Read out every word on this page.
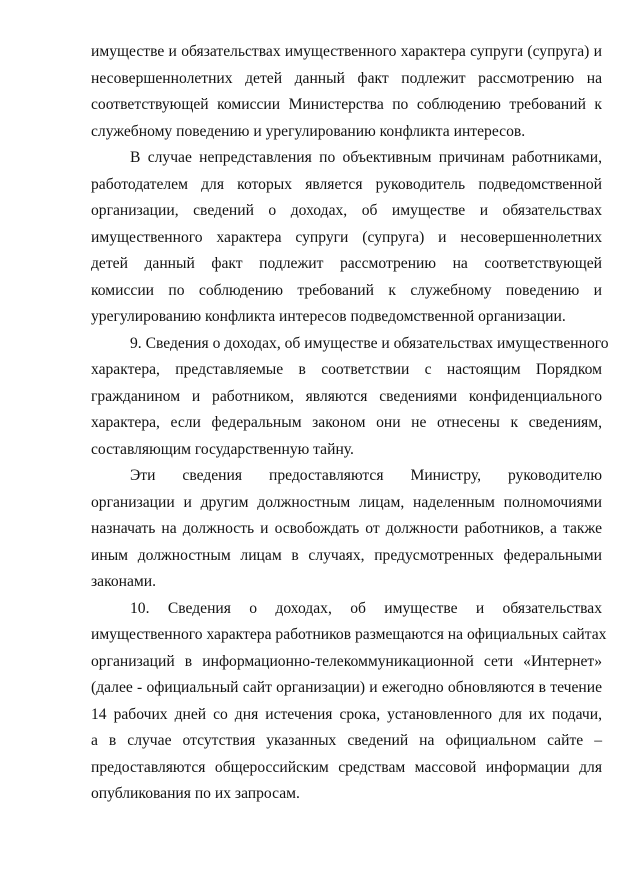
имуществе и обязательствах имущественного характера супруги (супруга) и
несовершеннолетних детей данный факт подлежит рассмотрению на
соответствующей комиссии Министерства по соблюдению требований к
служебному поведению и урегулированию конфликта интересов.
В случае непредставления по объективным причинам работниками,
работодателем для которых является руководитель подведомственной
организации, сведений о доходах, об имуществе и обязательствах
имущественного характера супруги (супруга) и несовершеннолетних
детей данный факт подлежит рассмотрению на соответствующей
комиссии по соблюдению требований к служебному поведению и
урегулированию конфликта интересов подведомственной организации.
9. Сведения о доходах, об имуществе и обязательствах имущественного
характера, представляемые в соответствии с настоящим Порядком
гражданином и работником, являются сведениями конфиденциального
характера, если федеральным законом они не отнесены к сведениям,
составляющим государственную тайну.
Эти сведения предоставляются Министру, руководителю
организации и другим должностным лицам, наделенным полномочиями
назначать на должность и освобождать от должности работников, а также
иным должностным лицам в случаях, предусмотренных федеральными
законами.
10. Сведения о доходах, об имуществе и обязательствах
имущественного характера работников размещаются на официальных сайтах
организаций в информационно-телекоммуникационной сети «Интернет»
(далее - официальный сайт организации) и ежегодно обновляются в течение
14 рабочих дней со дня истечения срока, установленного для их подачи,
а в случае отсутствия указанных сведений на официальном сайте –
предоставляются общероссийским средствам массовой информации для
опубликования по их запросам.
